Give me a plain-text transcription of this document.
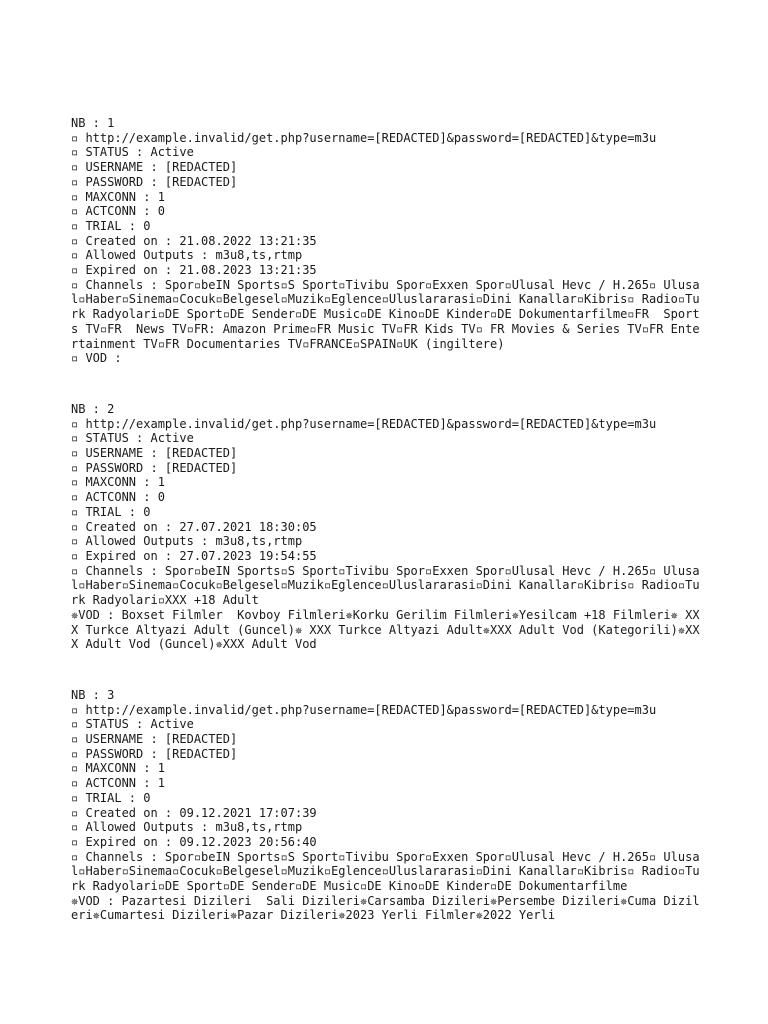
NB : 1
▫ http://example.invalid/get.php?username=[REDACTED]&password=[REDACTED]&type=m3u
▫ STATUS : Active
▫ USERNAME : [REDACTED]
▫ PASSWORD : [REDACTED]
▫ MAXCONN : 1
▫ ACTCONN : 0
▫ TRIAL : 0
▫ Created on : 21.08.2022 13:21:35
▫ Allowed Outputs : m3u8,ts,rtmp
▫ Expired on : 21.08.2023 13:21:35
▫ Channels : Spor▫beIN Sports▫S Sport▫Tivibu Spor▫Exxen Spor▫Ulusal Hevc / H.265▫ Ulusal▫Haber▫Sinema▫Cocuk▫Belgesel▫Muzik▫Eglence▫Uluslararasi▫Dini Kanallar▫Kibris▫ Radio▫Turk Radyolari▫DE Sport▫DE Sender▫DE Music▫DE Kino▫DE Kinder▫DE Dokumentarfilme▫FR  Sports TV▫FR  News TV▫FR: Amazon Prime▫FR Music TV▫FR Kids TV▫ FR Movies & Series TV▫FR Entertainment TV▫FR Documentaries TV▫FRANCE▫SPAIN▫UK (ingiltere)
▫ VOD :
NB : 2
▫ http://example.invalid/get.php?username=[REDACTED]&password=[REDACTED]&type=m3u
▫ STATUS : Active
▫ USERNAME : [REDACTED]
▫ PASSWORD : [REDACTED]
▫ MAXCONN : 1
▫ ACTCONN : 0
▫ TRIAL : 0
▫ Created on : 27.07.2021 18:30:05
▫ Allowed Outputs : m3u8,ts,rtmp
▫ Expired on : 27.07.2023 19:54:55
▫ Channels : Spor▫beIN Sports▫S Sport▫Tivibu Spor▫Exxen Spor▫Ulusal Hevc / H.265▫ Ulusal▫Haber▫Sinema▫Cocuk▫Belgesel▫Muzik▫Eglence▫Uluslararasi▫Dini Kanallar▫Kibris▫ Radio▫Turk Radyolari▫XXX +18 Adult
✵VOD : Boxset Filmler  Kovboy Filmleri✵Korku Gerilim Filmleri✵Yesilcam +18 Filmleri✵ XXX Turkce Altyazi Adult (Guncel)✵ XXX Turkce Altyazi Adult✵XXX Adult Vod (Kategorili)✵XXX Adult Vod (Guncel)✵XXX Adult Vod
NB : 3
▫ http://example.invalid/get.php?username=[REDACTED]&password=[REDACTED]&type=m3u
▫ STATUS : Active
▫ USERNAME : [REDACTED]
▫ PASSWORD : [REDACTED]
▫ MAXCONN : 1
▫ ACTCONN : 1
▫ TRIAL : 0
▫ Created on : 09.12.2021 17:07:39
▫ Allowed Outputs : m3u8,ts,rtmp
▫ Expired on : 09.12.2023 20:56:40
▫ Channels : Spor▫beIN Sports▫S Sport▫Tivibu Spor▫Exxen Spor▫Ulusal Hevc / H.265▫ Ulusal▫Haber▫Sinema▫Cocuk▫Belgesel▫Muzik▫Eglence▫Uluslararasi▫Dini Kanallar▫Kibris▫ Radio▫Turk Radyolari▫DE Sport▫DE Sender▫DE Music▫DE Kino▫DE Kinder▫DE Dokumentarfilme
✵VOD : Pazartesi Dizileri  Sali Dizileri✵Carsamba Dizileri✵Persembe Dizileri✵Cuma Dizileri✵Cumartesi Dizileri✵Pazar Dizileri✵2023 Yerli Filmler✵2022 Yerli
